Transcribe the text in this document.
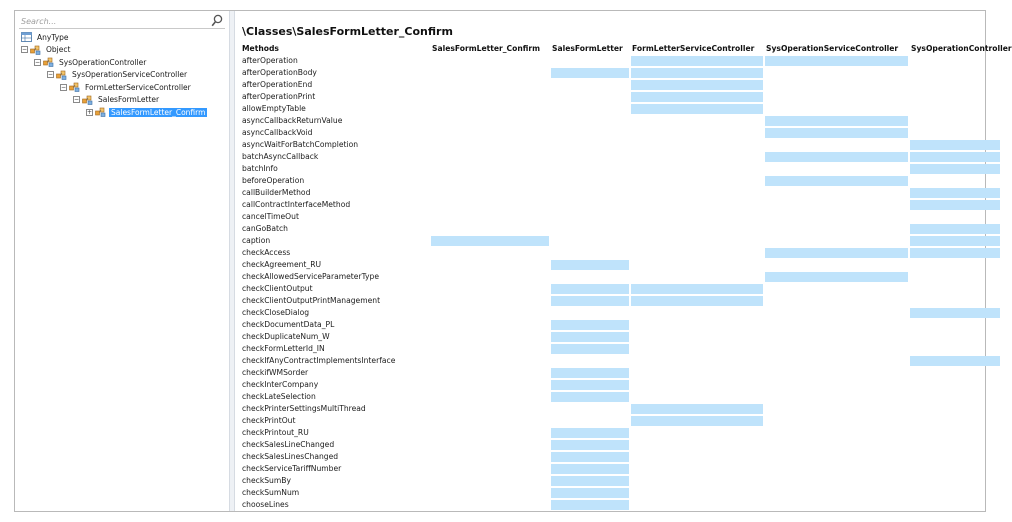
Search...
AnyType
−	Object
−	SysOperationController
−	SysOperationServiceController
−	FormLetterServiceController
−	SalesFormLetter
+	SalesFormLetter_Confirm
\Classes\SalesFormLetter_Confirm
Methods	SalesFormLetter_Confirm	SalesFormLetter	FormLetterServiceController	SysOperationServiceController	SysOperationController
afterOperation
afterOperationBody
afterOperationEnd
afterOperationPrint
allowEmptyTable
asyncCallbackReturnValue
asyncCallbackVoid
asyncWaitForBatchCompletion
batchAsyncCallback
batchInfo
beforeOperation
callBuilderMethod
callContractInterfaceMethod
cancelTimeOut
canGoBatch
caption
checkAccess
checkAgreement_RU
checkAllowedServiceParameterType
checkClientOutput
checkClientOutputPrintManagement
checkCloseDialog
checkDocumentData_PL
checkDuplicateNum_W
checkFormLetterId_IN
checkIfAnyContractImplementsInterface
checkifWMSorder
checkInterCompany
checkLateSelection
checkPrinterSettingsMultiThread
checkPrintOut
checkPrintout_RU
checkSalesLineChanged
checkSalesLinesChanged
checkServiceTariffNumber
checkSumBy
checkSumNum
chooseLines
